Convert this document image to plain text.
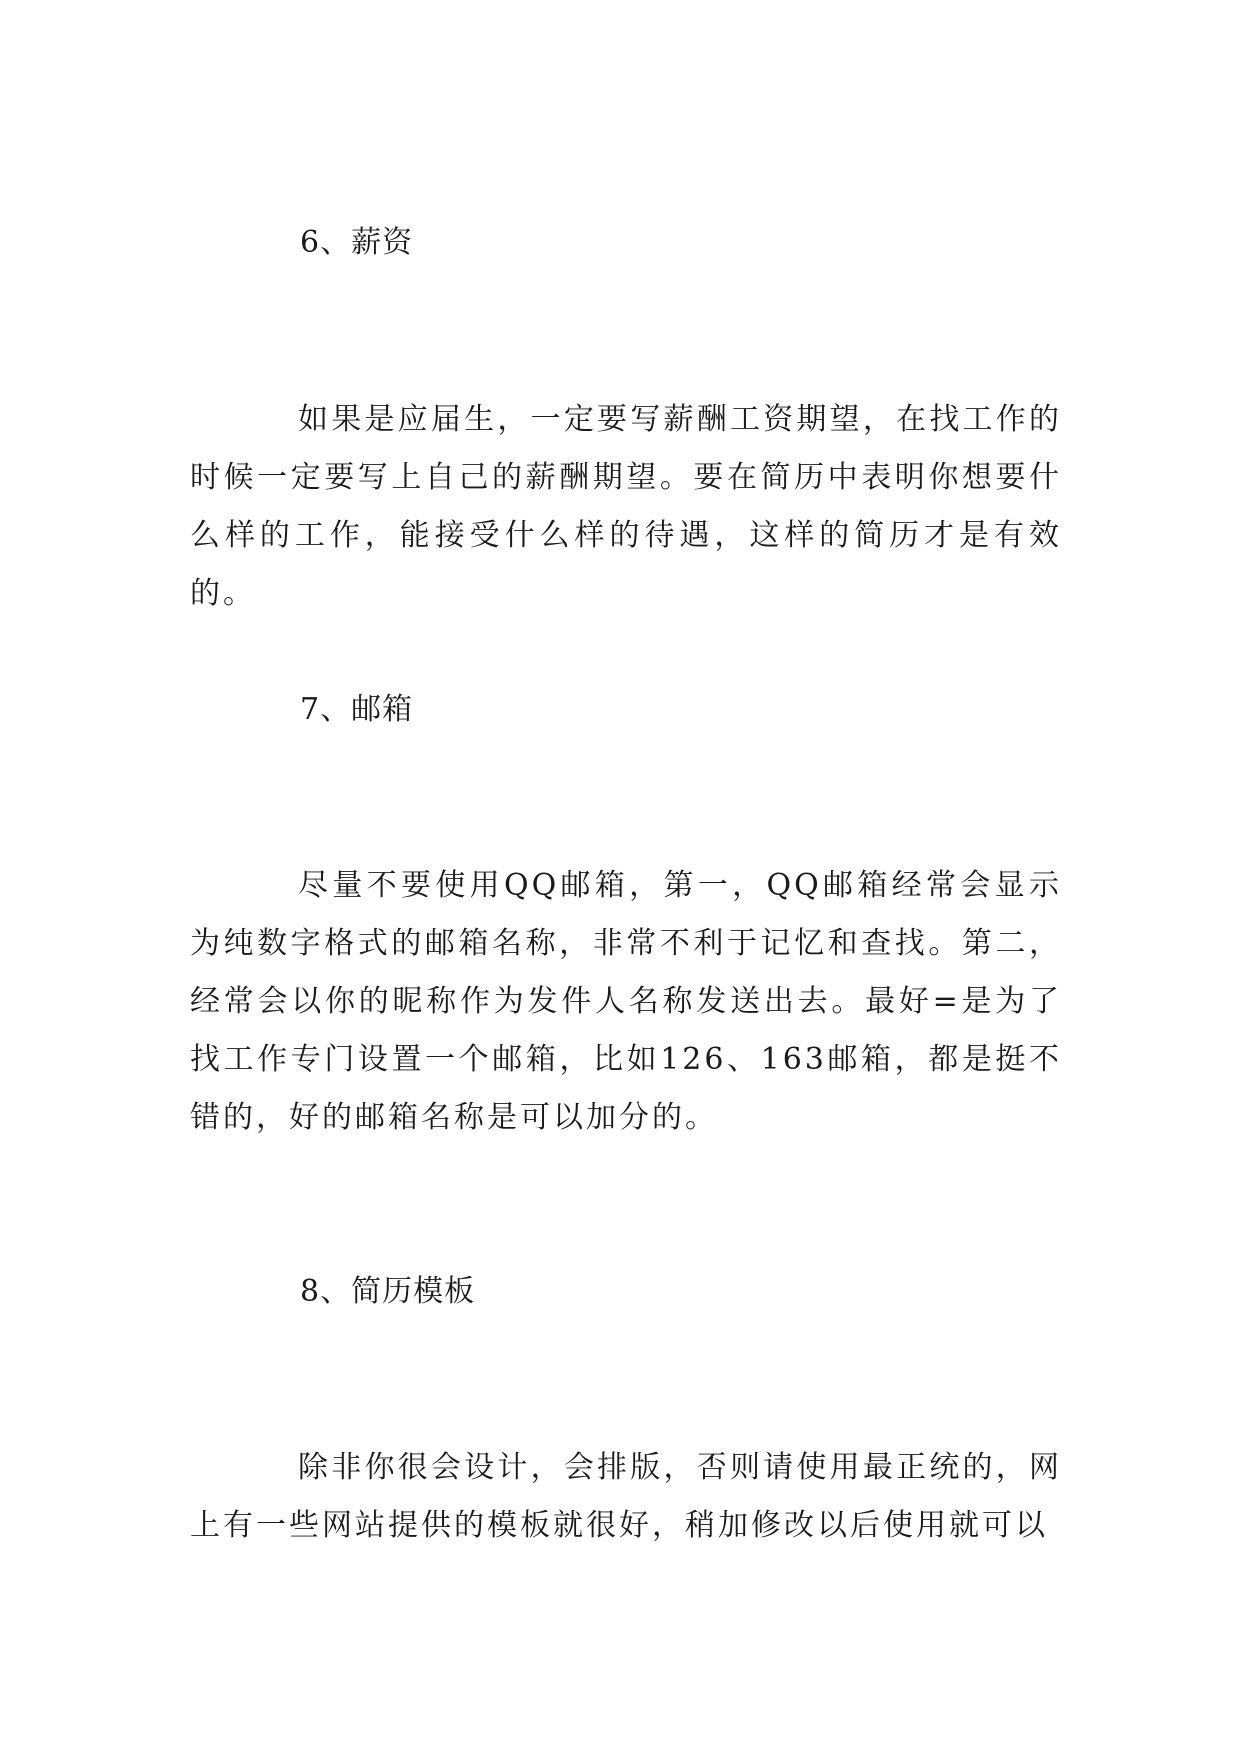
6、薪资

如果是应届生，一定要写薪酬工资期望，在找工作的时候一定要写上自己的薪酬期望。要在简历中表明你想要什么样的工作，能接受什么样的待遇，这样的简历才是有效的。

7、邮箱

尽量不要使用QQ邮箱，第一，QQ邮箱经常会显示为纯数字格式的邮箱名称，非常不利于记忆和查找。第二，经常会以你的昵称作为发件人名称发送出去。最好=是为了找工作专门设置一个邮箱，比如126、163邮箱，都是挺不错的，好的邮箱名称是可以加分的。

8、简历模板

除非你很会设计，会排版，否则请使用最正统的，网上有一些网站提供的模板就很好，稍加修改以后使用就可以
